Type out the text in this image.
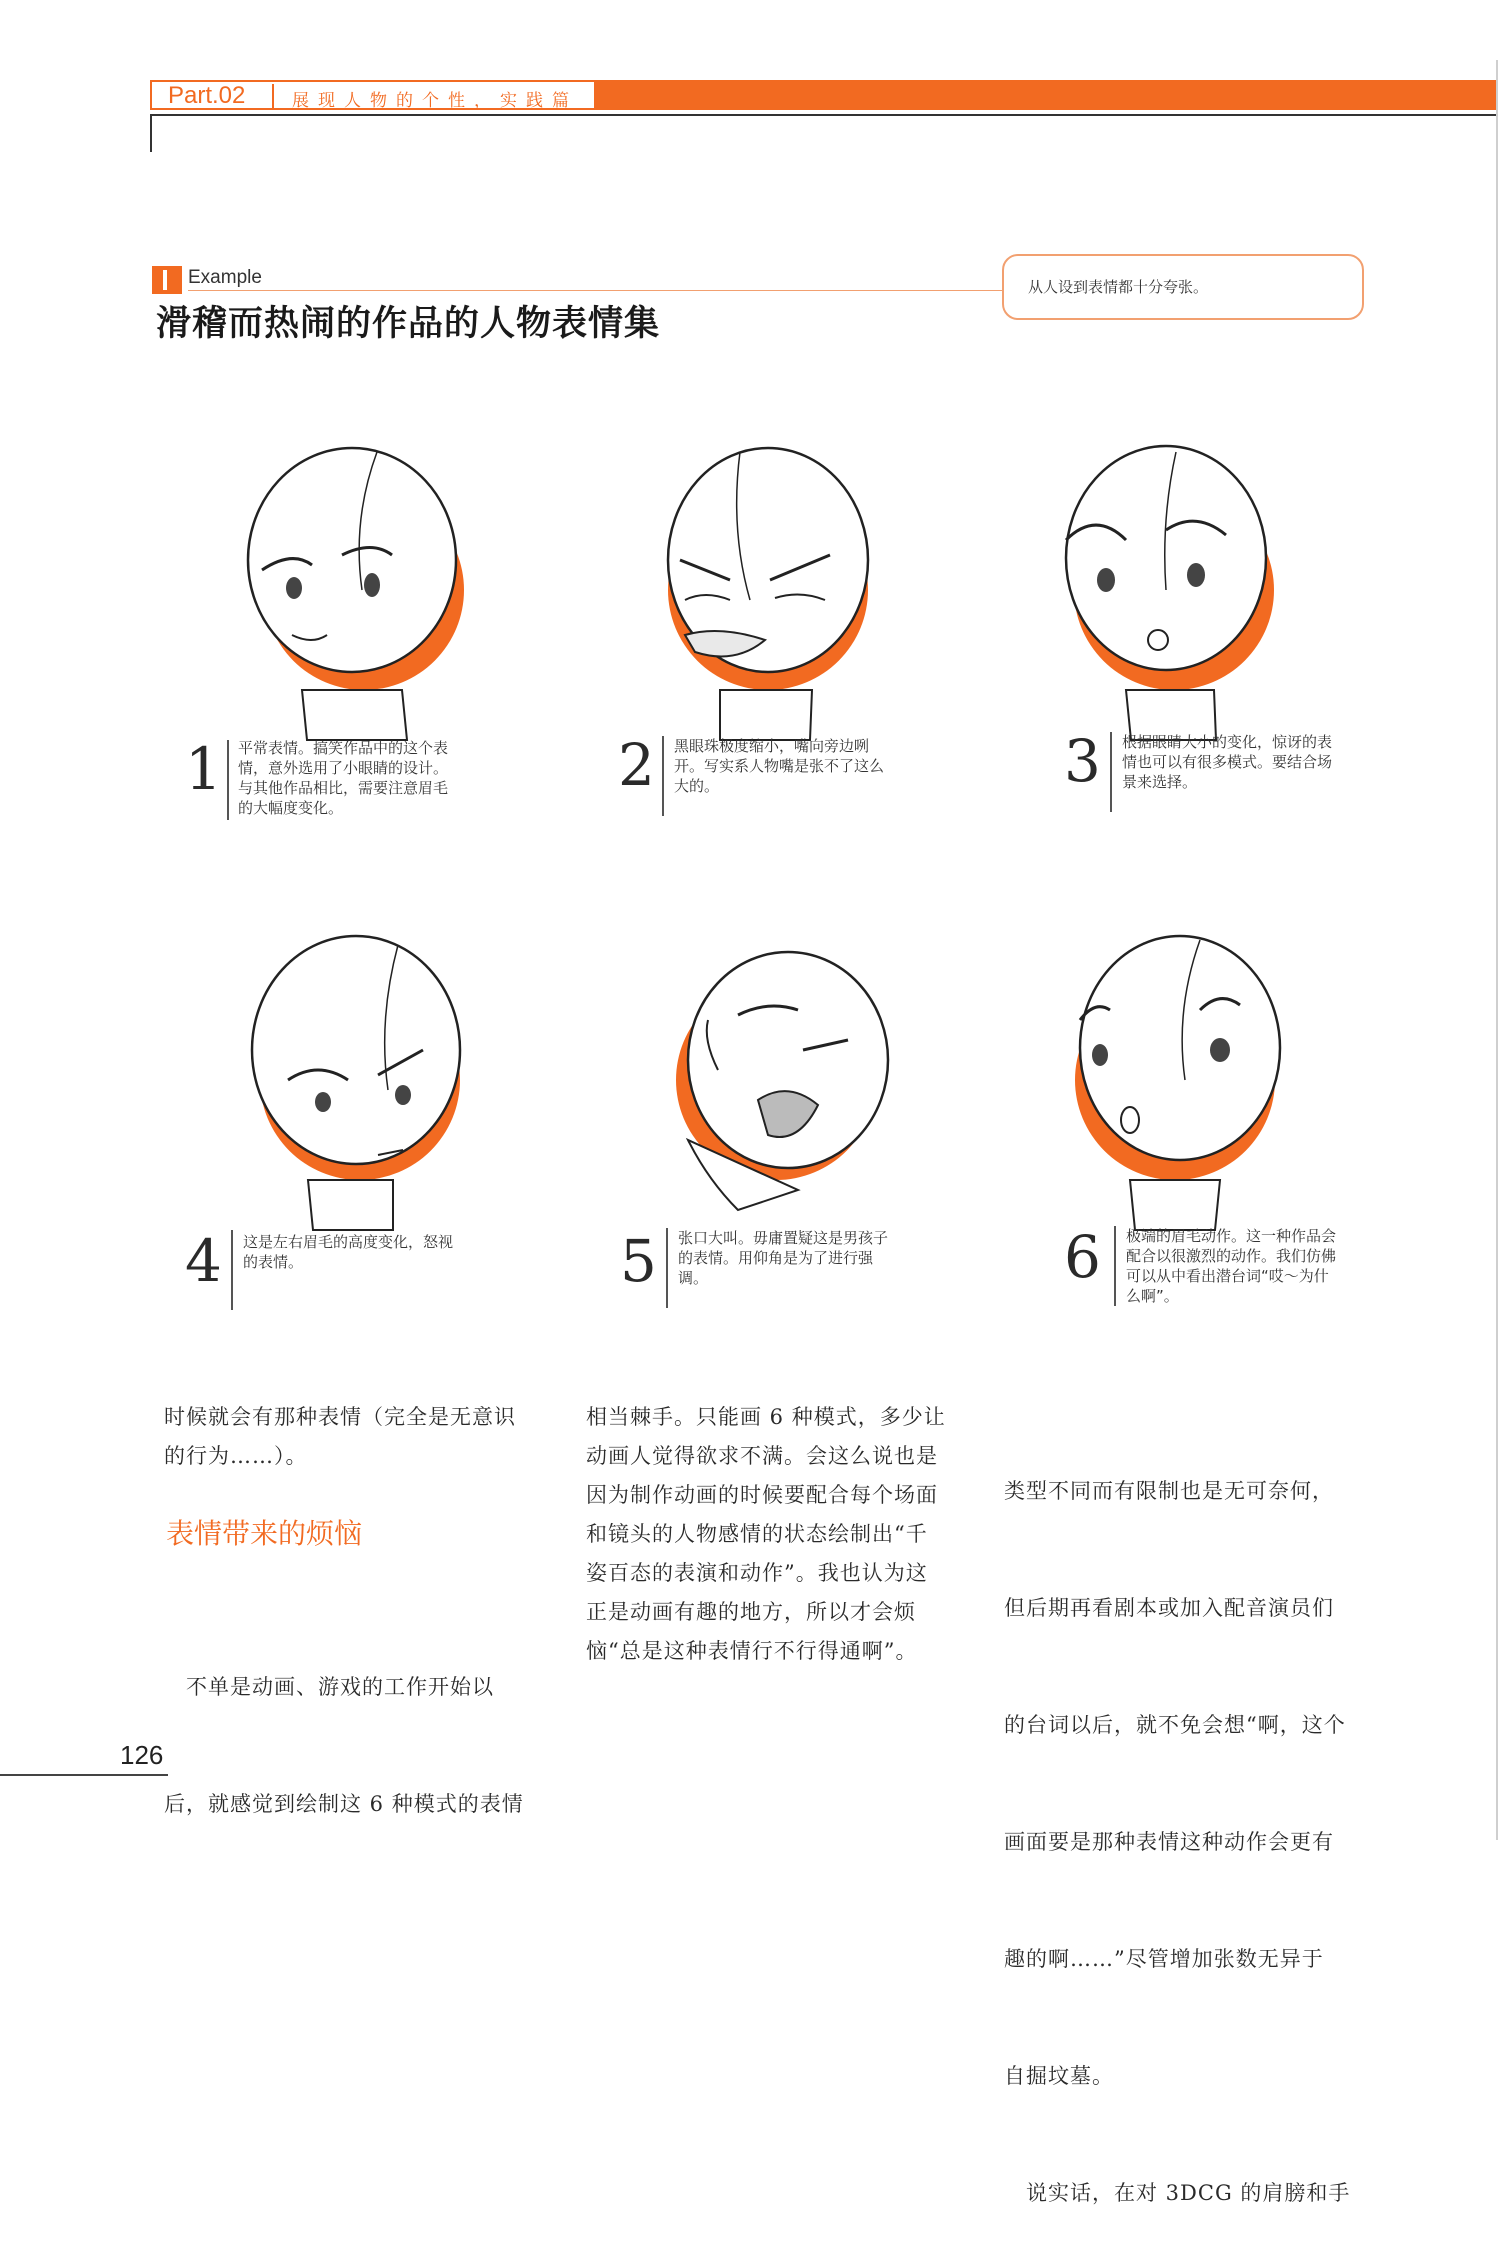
Part.02	展现人物的个性，实践篇
Example
滑稽而热闹的作品的人物表情集
从人设到表情都十分夸张。
1 平常表情。搞笑作品中的这个表
情，意外选用了小眼睛的设计。
与其他作品相比，需要注意眉毛
的大幅度变化。
2 黑眼珠极度缩小，嘴向旁边咧
开。写实系人物嘴是张不了这么
大的。	3 根据眼睛大小的变化，惊讶的表
情也可以有很多模式。要结合场
景来选择。
4 这是左右眉毛的高度变化，怒视
的表情。	5 张口大叫。毋庸置疑这是男孩子
的表情。用仰角是为了进行强
调。	6 极端的眉毛动作。这一种作品会
配合以很激烈的动作。我们仿佛
可以从中看出潜台词“哎～为什
么啊”。
时候就会有那种表情（完全是无意识
的行为……）。
表情带来的烦恼

　不单是动画、游戏的工作开始以

后，就感觉到绘制这 6 种模式的表情

相当棘手。只能画 6 种模式，多少让
动画人觉得欲求不满。会这么说也是
因为制作动画的时候要配合每个场面
和镜头的人物感情的状态绘制出“千
姿百态的表演和动作”。我也认为这
正是动画有趣的地方，所以才会烦
恼“总是这种表情行不行得通啊”。

类型不同而有限制也是无可奈何，

但后期再看剧本或加入配音演员们

的台词以后，就不免会想“啊，这个

画面要是那种表情这种动作会更有

趣的啊……”尽管增加张数无异于

自掘坟墓。

　说实话，在对 3DCG 的肩膀和手

126
